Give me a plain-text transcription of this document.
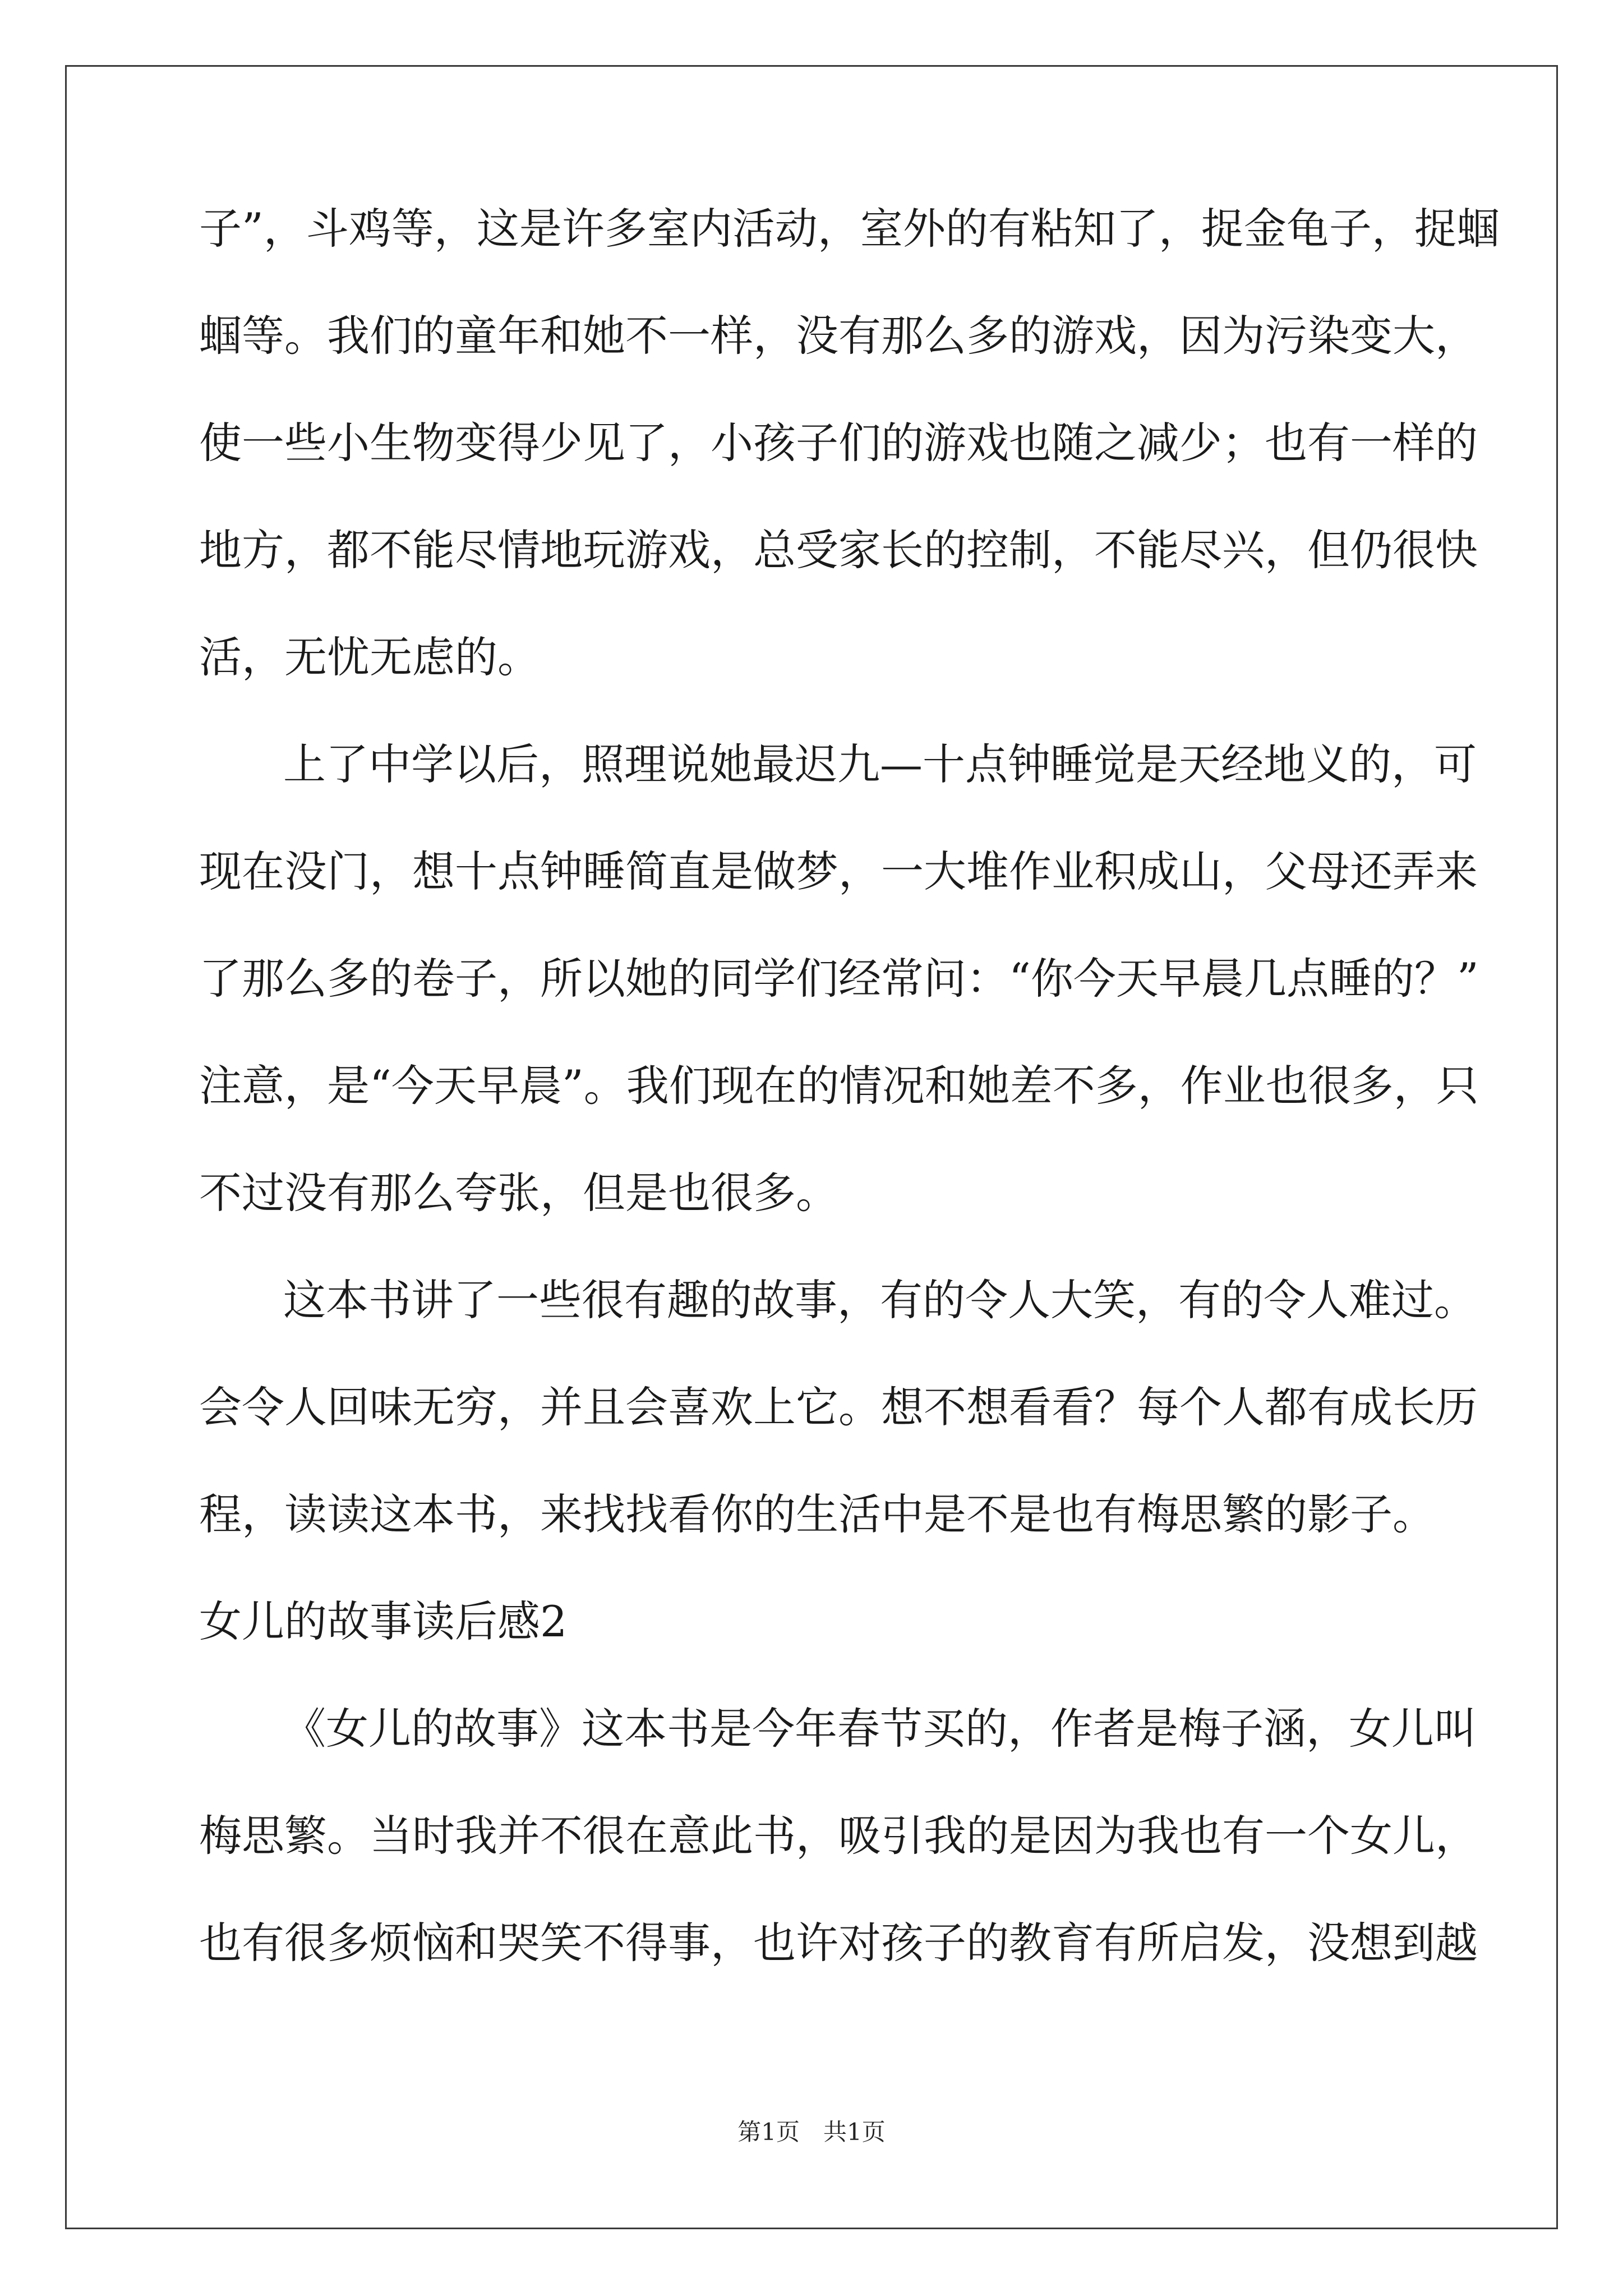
子”，斗鸡等，这是许多室内活动，室外的有粘知了，捉金龟子，捉蝈
蝈等。我们的童年和她不一样，没有那么多的游戏，因为污染变大，
使一些小生物变得少见了，小孩子们的游戏也随之减少；也有一样的
地方，都不能尽情地玩游戏，总受家长的控制，不能尽兴，但仍很快
活，无忧无虑的。
上了中学以后，照理说她最迟九—十点钟睡觉是天经地义的，可
现在没门，想十点钟睡简直是做梦，一大堆作业积成山，父母还弄来
了那么多的卷子，所以她的同学们经常问：“你今天早晨几点睡的？”
注意，是“今天早晨”。我们现在的情况和她差不多，作业也很多，只
不过没有那么夸张，但是也很多。
这本书讲了一些很有趣的故事，有的令人大笑，有的令人难过。
会令人回味无穷，并且会喜欢上它。想不想看看？每个人都有成长历
程，读读这本书，来找找看你的生活中是不是也有梅思繁的影子。
女儿的故事读后感2
《女儿的故事》这本书是今年春节买的，作者是梅子涵，女儿叫
梅思繁。当时我并不很在意此书，吸引我的是因为我也有一个女儿，
也有很多烦恼和哭笑不得事，也许对孩子的教育有所启发，没想到越
第1页　共1页
